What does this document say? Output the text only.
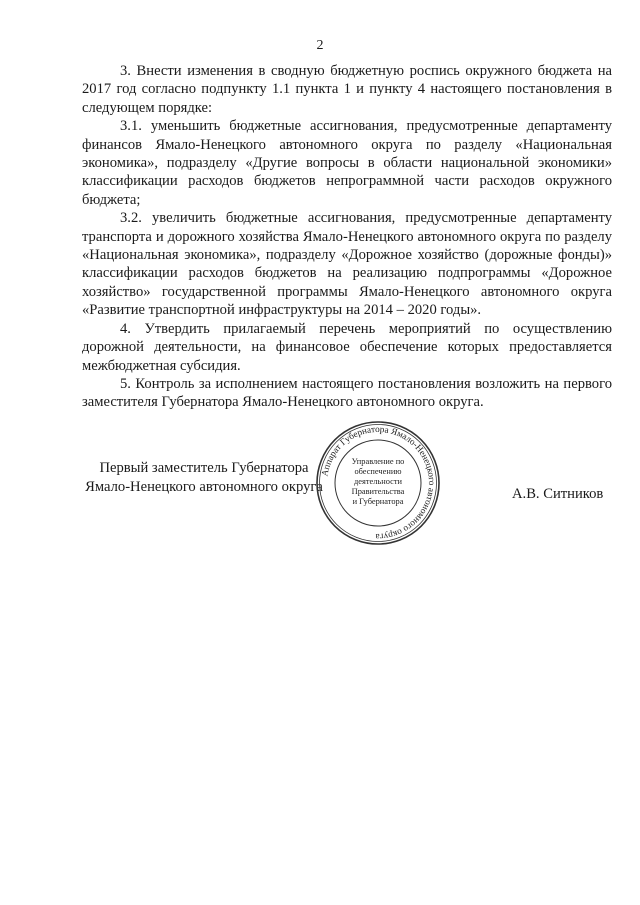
2

3. Внести изменения в сводную бюджетную роспись окружного бюджета на 2017 год согласно подпункту 1.1 пункта 1 и пункту 4 настоящего постановления в следующем порядке:

3.1. уменьшить бюджетные ассигнования, предусмотренные департаменту финансов Ямало-Ненецкого автономного округа по разделу «Национальная экономика», подразделу «Другие вопросы в области национальной экономики» классификации расходов бюджетов непрограммной части расходов окружного бюджета;

3.2. увеличить бюджетные ассигнования, предусмотренные департаменту транспорта и дорожного хозяйства Ямало-Ненецкого автономного округа по разделу «Национальная экономика», подразделу «Дорожное хозяйство (дорожные фонды)» классификации расходов бюджетов на реализацию подпрограммы «Дорожное хозяйство» государственной программы Ямало-Ненецкого автономного округа «Развитие транспортной инфраструктуры на 2014 – 2020 годы».

4. Утвердить прилагаемый перечень мероприятий по осуществлению дорожной деятельности, на финансовое обеспечение которых предоставляется межбюджетная субсидия.

5. Контроль за исполнением настоящего постановления возложить на первого заместителя Губернатора Ямало-Ненецкого автономного округа.

Первый заместитель Губернатора
Ямало-Ненецкого автономного округа
Аппарат Губернатора Ямало-Ненецкого автономного округа
Управление по
обеспечению
деятельности
Правительства
и Губернатора	А.В. Ситников
